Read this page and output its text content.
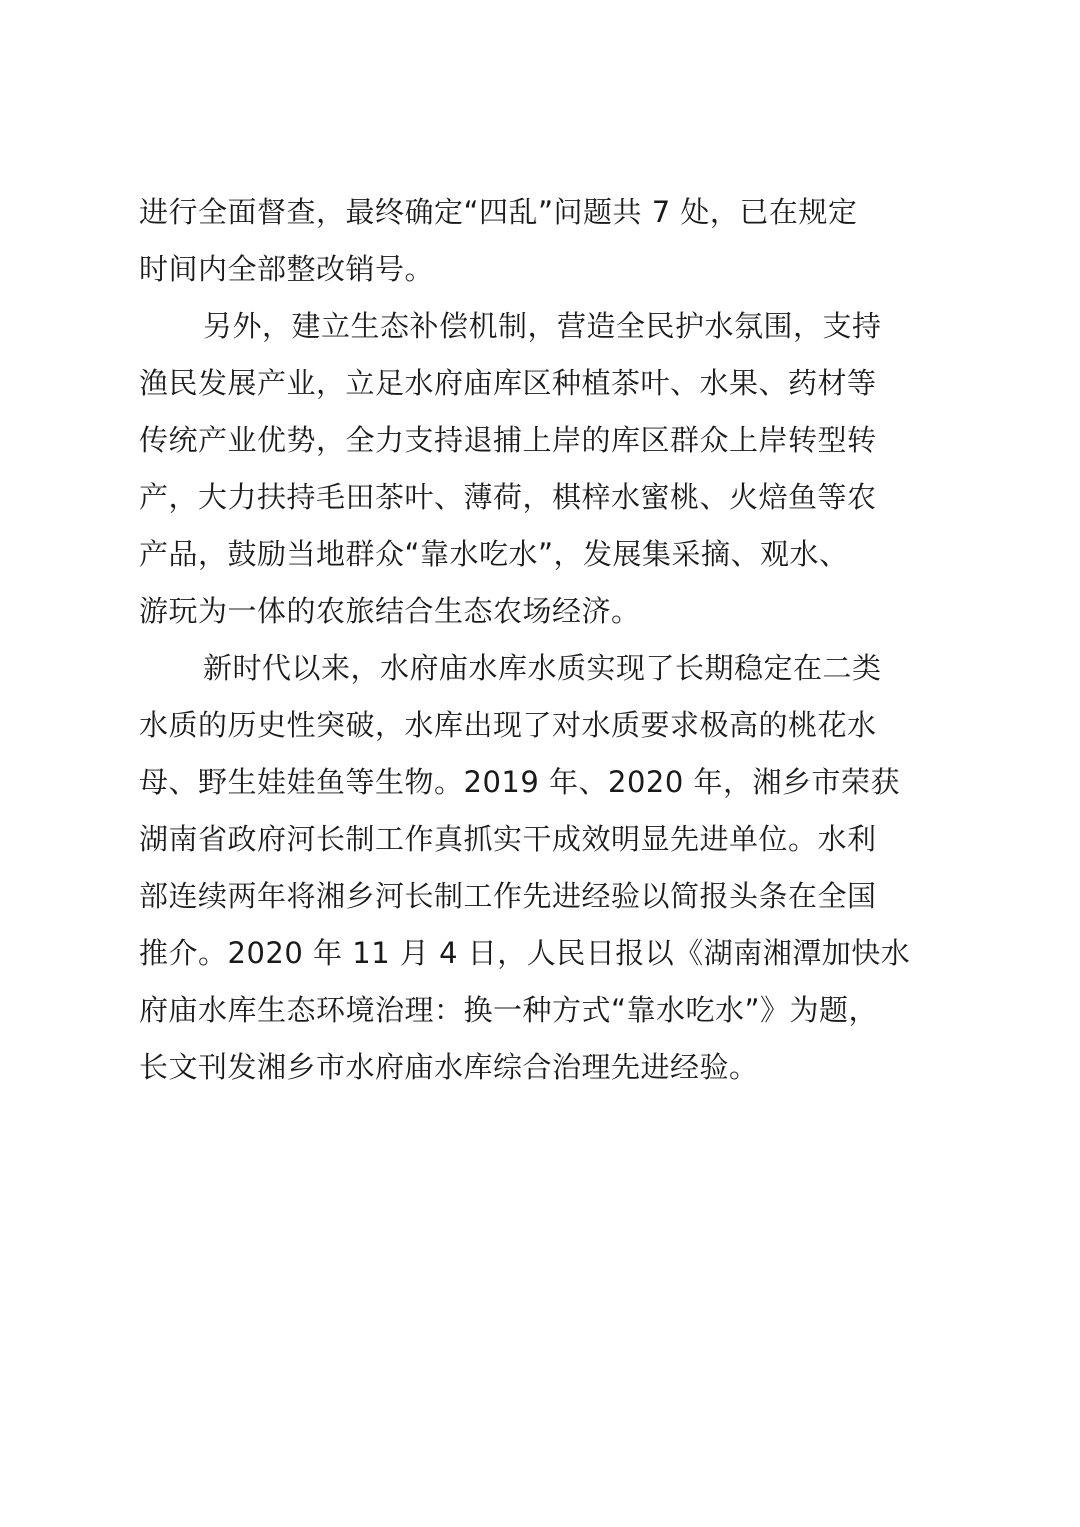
进行全面督查，最终确定“四乱”问题共 7 处，已在规定
时间内全部整改销号。
另外，建立生态补偿机制，营造全民护水氛围，支持
渔民发展产业，立足水府庙库区种植茶叶、水果、药材等
传统产业优势，全力支持退捕上岸的库区群众上岸转型转
产，大力扶持毛田茶叶、薄荷，棋梓水蜜桃、火焙鱼等农
产品，鼓励当地群众“靠水吃水”，发展集采摘、观水、
游玩为一体的农旅结合生态农场经济。
新时代以来，水府庙水库水质实现了长期稳定在二类
水质的历史性突破，水库出现了对水质要求极高的桃花水
母、野生娃娃鱼等生物。2019 年、2020 年，湘乡市荣获
湖南省政府河长制工作真抓实干成效明显先进单位。水利
部连续两年将湘乡河长制工作先进经验以简报头条在全国
推介。2020 年 11 月 4 日，人民日报以《湖南湘潭加快水
府庙水库生态环境治理：换一种方式“靠水吃水”》为题，
长文刊发湘乡市水府庙水库综合治理先进经验。
